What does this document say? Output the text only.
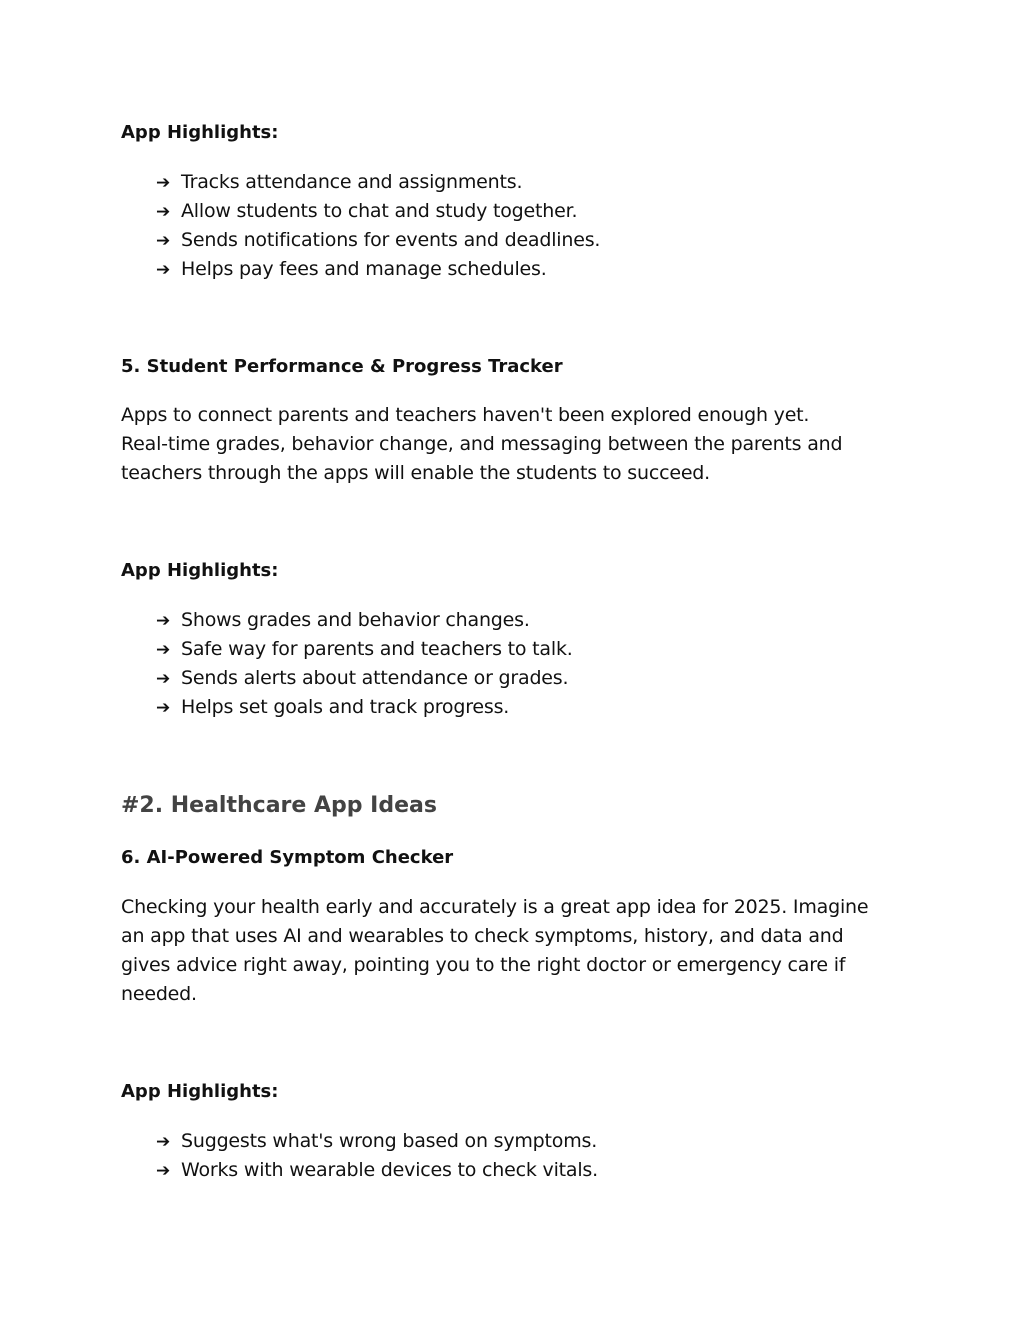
App Highlights:
➔ Tracks attendance and assignments.
➔ Allow students to chat and study together.
➔ Sends notifications for events and deadlines.
➔ Helps pay fees and manage schedules.
5. Student Performance & Progress Tracker
Apps to connect parents and teachers haven't been explored enough yet.
Real-time grades, behavior change, and messaging between the parents and
teachers through the apps will enable the students to succeed.
App Highlights:
➔ Shows grades and behavior changes.
➔ Safe way for parents and teachers to talk.
➔ Sends alerts about attendance or grades.
➔ Helps set goals and track progress.
#2. Healthcare App Ideas
6. AI-Powered Symptom Checker
Checking your health early and accurately is a great app idea for 2025. Imagine
an app that uses AI and wearables to check symptoms, history, and data and
gives advice right away, pointing you to the right doctor or emergency care if
needed.
App Highlights:
➔ Suggests what's wrong based on symptoms.
➔ Works with wearable devices to check vitals.
